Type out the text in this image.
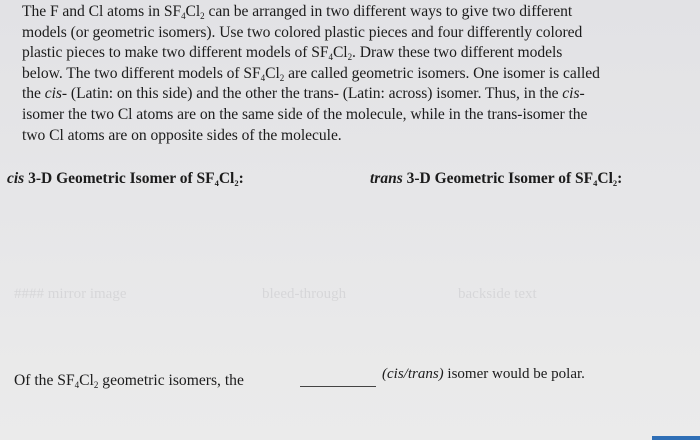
The F and Cl atoms in $SF_4Cl_2$ can be arranged in two different ways to give two different
models (or geometric isomers). Use two colored plastic pieces and four differently colored
plastic pieces to make two different models of $SF_4Cl_2$. Draw these two different models
below. The two different models of $SF_4Cl_2$ are called geometric isomers. One isomer is called
the cis- (Latin: on this side) and the other the trans- (Latin: across) isomer. Thus, in the cis-
isomer the two Cl atoms are on the same side of the molecule, while in the trans-isomer the
two Cl atoms are on opposite sides of the molecule.

cis 3-D Geometric Isomer of $SF_4Cl_2$:	trans 3-D Geometric Isomer of $SF_4Cl_2$:
#### mirror image	bleed-through	backside text
Of the $SF_4Cl_2$ geometric isomers, the	(cis/trans) isomer would be polar.
